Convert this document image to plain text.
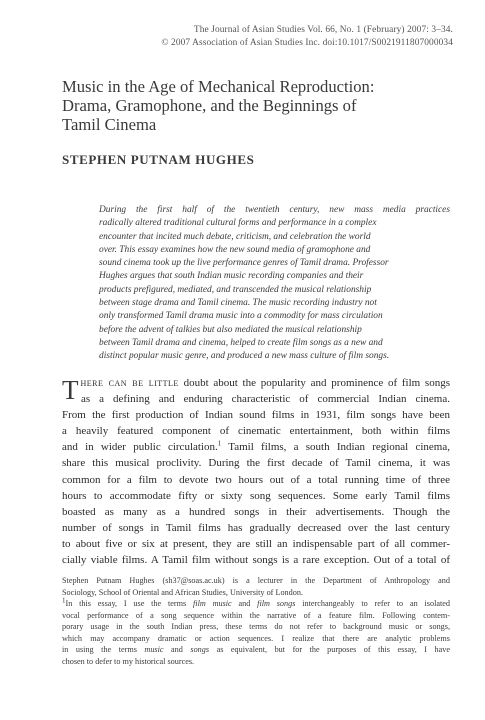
The Journal of Asian Studies Vol. 66, No. 1 (February) 2007: 3–34.
© 2007 Association of Asian Studies Inc. doi:10.1017/S0021911807000034
Music in the Age of Mechanical Reproduction:
Drama, Gramophone, and the Beginnings of
Tamil Cinema
STEPHEN PUTNAM HUGHES
During the first half of the twentieth century, new mass media practices
radically altered traditional cultural forms and performance in a complex
encounter that incited much debate, criticism, and celebration the world
over. This essay examines how the new sound media of gramophone and
sound cinema took up the live performance genres of Tamil drama. Professor
Hughes argues that south Indian music recording companies and their
products prefigured, mediated, and transcended the musical relationship
between stage drama and Tamil cinema. The music recording industry not
only transformed Tamil drama music into a commodity for mass circulation
before the advent of talkies but also mediated the musical relationship
between Tamil drama and cinema, helped to create film songs as a new and
distinct popular music genre, and produced a new mass culture of film songs.
There can be little doubt about the popularity and prominence of film songs
as a defining and enduring characteristic of commercial Indian cinema.
From the first production of Indian sound films in 1931, film songs have been
a heavily featured component of cinematic entertainment, both within films
and in wider public circulation.$^1$ Tamil films, a south Indian regional cinema,
share this musical proclivity. During the first decade of Tamil cinema, it was
common for a film to devote two hours out of a total running time of three
hours to accommodate fifty or sixty song sequences. Some early Tamil films
boasted as many as a hundred songs in their advertisements. Though the
number of songs in Tamil films has gradually decreased over the last century
to about five or six at present, they are still an indispensable part of all commer-
cially viable films. A Tamil film without songs is a rare exception. Out of a total of
Stephen Putnam Hughes (sh37@soas.ac.uk) is a lecturer in the Department of Anthropology and
Sociology, School of Oriental and African Studies, University of London.
$^1$In this essay, I use the terms film music and film songs interchangeably to refer to an isolated
vocal performance of a song sequence within the narrative of a feature film. Following contem-
porary usage in the south Indian press, these terms do not refer to background music or songs,
which may accompany dramatic or action sequences. I realize that there are analytic problems
in using the terms music and songs as equivalent, but for the purposes of this essay, I have
chosen to defer to my historical sources.
